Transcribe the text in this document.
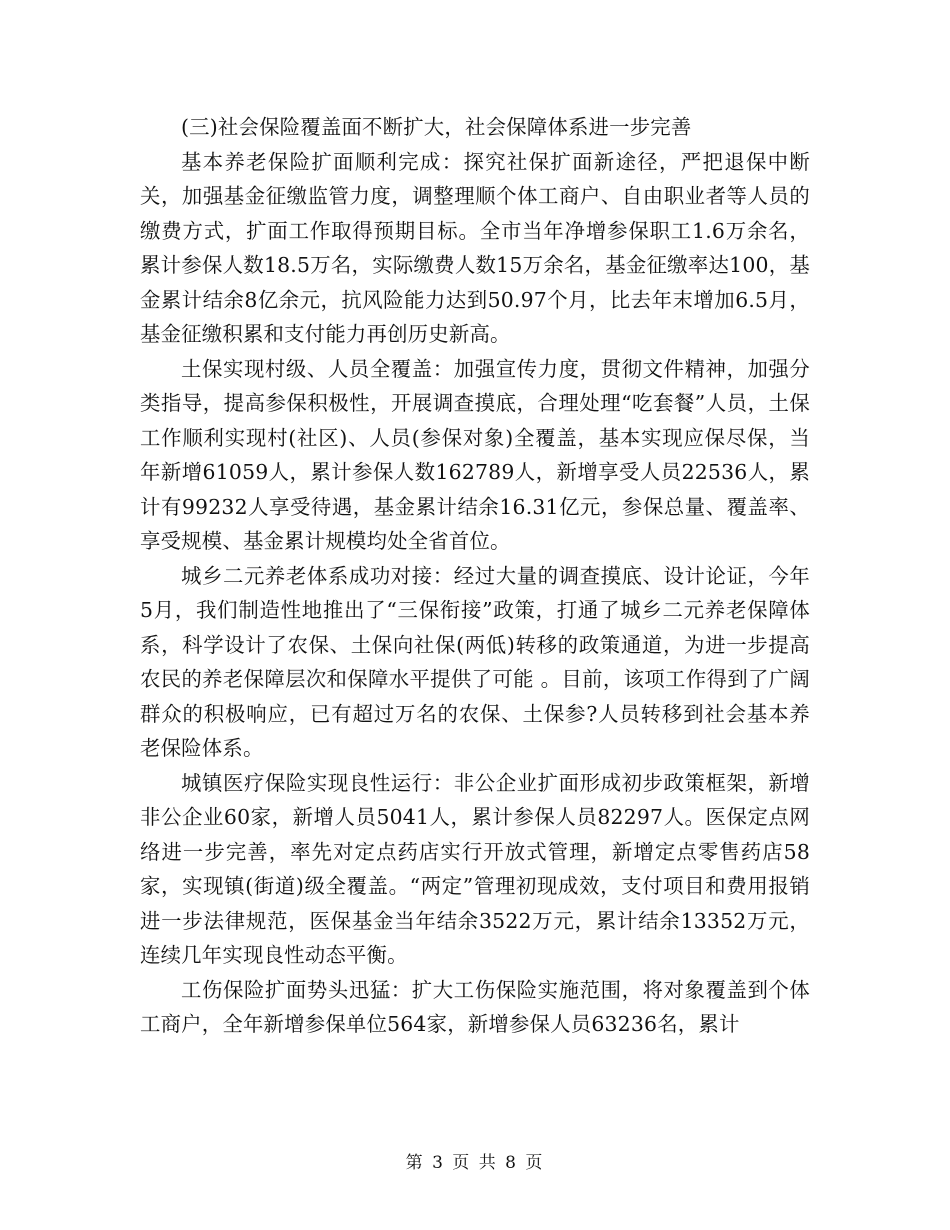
(三)社会保险覆盖面不断扩大，社会保障体系进一步完善

基本养老保险扩面顺利完成：探究社保扩面新途径，严把退保中断关，加强基金征缴监管力度，调整理顺个体工商户、自由职业者等人员的缴费方式，扩面工作取得预期目标。全市当年净增参保职工1.6万余名，累计参保人数18.5万名，实际缴费人数15万余名，基金征缴率达100，基金累计结余8亿余元，抗风险能力达到50.97个月，比去年末增加6.5月，基金征缴积累和支付能力再创历史新高。

土保实现村级、人员全覆盖：加强宣传力度，贯彻文件精神，加强分类指导，提高参保积极性，开展调查摸底，合理处理“吃套餐”人员，土保工作顺利实现村(社区)、人员(参保对象)全覆盖，基本实现应保尽保，当年新增61059人，累计参保人数162789人，新增享受人员22536人，累计有99232人享受待遇，基金累计结余16.31亿元，参保总量、覆盖率、享受规模、基金累计规模均处全省首位。

城乡二元养老体系成功对接：经过大量的调查摸底、设计论证，今年5月，我们制造性地推出了“三保衔接”政策，打通了城乡二元养老保障体系，科学设计了农保、土保向社保(两低)转移的政策通道，为进一步提高农民的养老保障层次和保障水平提供了可能 。目前，该项工作得到了广阔群众的积极响应，已有超过万名的农保、土保参?人员转移到社会基本养老保险体系。

城镇医疗保险实现良性运行：非公企业扩面形成初步政策框架，新增非公企业60家，新增人员5041人，累计参保人员82297人。医保定点网络进一步完善，率先对定点药店实行开放式管理，新增定点零售药店58家，实现镇(街道)级全覆盖。“两定”管理初现成效，支付项目和费用报销进一步法律规范，医保基金当年结余3522万元，累计结余13352万元，连续几年实现良性动态平衡。

工伤保险扩面势头迅猛：扩大工伤保险实施范围，将对象覆盖到个体工商户，全年新增参保单位564家，新增参保人员63236名，累计

第 3 页 共 8 页
